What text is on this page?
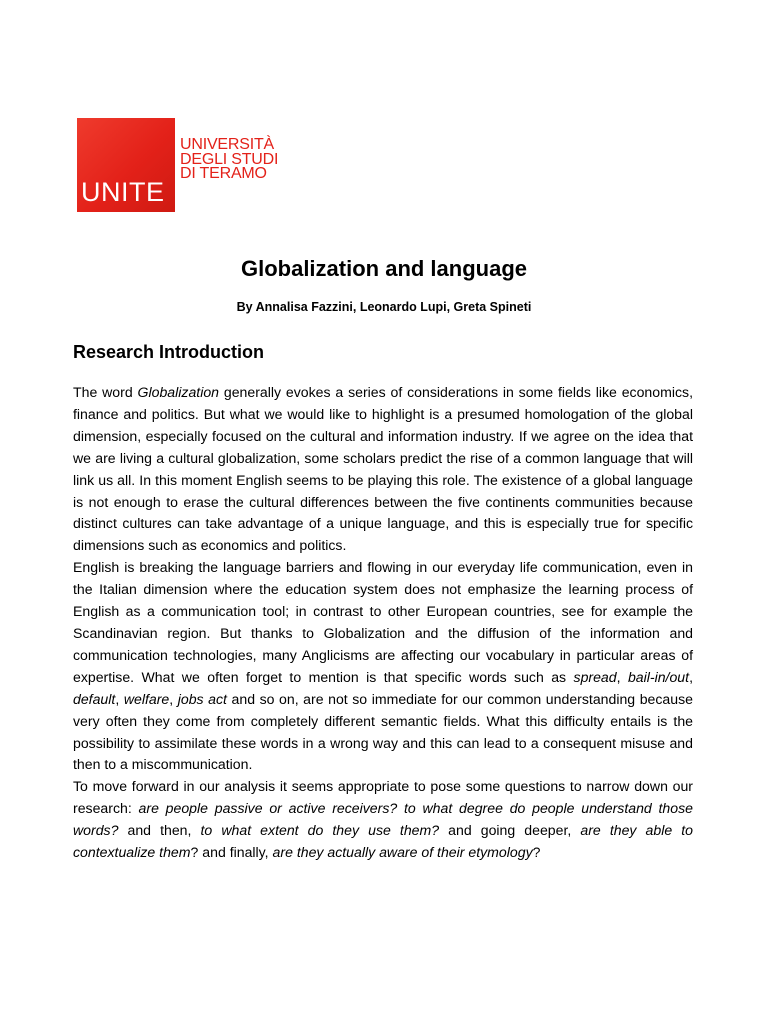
UNITE
UNIVERSITÀ
DEGLI STUDI
DI TERAMO
Globalization and language
By Annalisa Fazzini, Leonardo Lupi, Greta Spineti
Research Introduction

The word Globalization generally evokes a series of considerations in some fields like economics, finance and politics. But what we would like to highlight is a presumed homologation of the global dimension, especially focused on the cultural and information industry. If we agree on the idea that we are living a cultural globalization, some scholars predict the rise of a common language that will link us all. In this moment English seems to be playing this role. The existence of a global language is not enough to erase the cultural differences between the five continents communities because distinct cultures can take advantage of a unique language, and this is especially true for specific dimensions such as economics and politics.

English is breaking the language barriers and flowing in our everyday life communication, even in the Italian dimension where the education system does not emphasize the learning process of English as a communication tool; in contrast to other European countries, see for example the Scandinavian region. But thanks to Globalization and the diffusion of the information and communication technologies, many Anglicisms are affecting our vocabulary in particular areas of expertise. What we often forget to mention is that specific words such as spread, bail-in/out, default, welfare, jobs act and so on, are not so immediate for our common understanding because very often they come from completely different semantic fields. What this difficulty entails is the possibility to assimilate these words in a wrong way and this can lead to a consequent misuse and then to a miscommunication.

To move forward in our analysis it seems appropriate to pose some questions to narrow down our research: are people passive or active receivers? to what degree do people understand those words? and then, to what extent do they use them? and going deeper, are they able to contextualize them? and finally, are they actually aware of their etymology?
